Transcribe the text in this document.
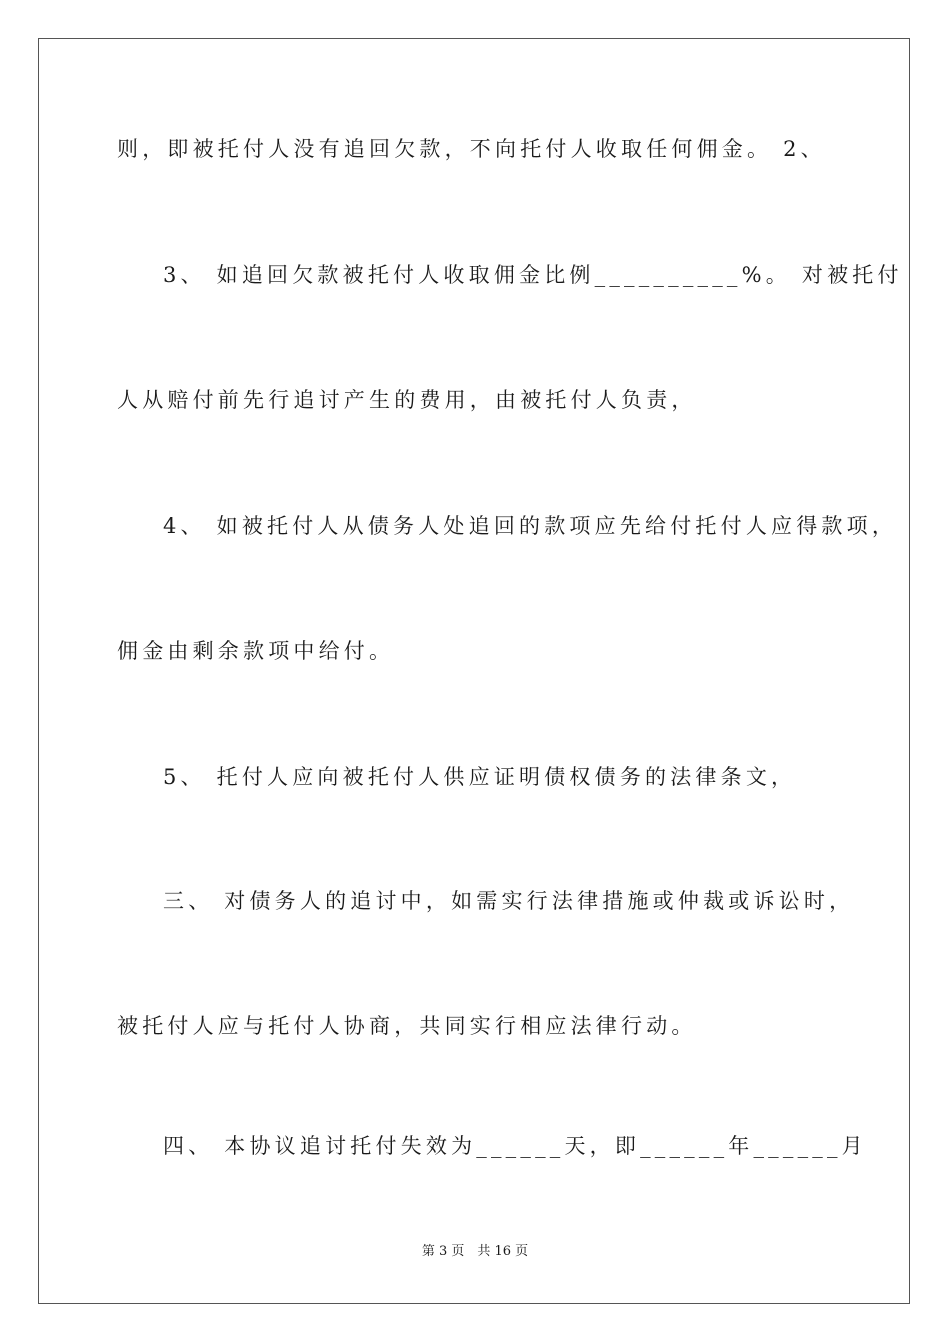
则，即被托付人没有追回欠款，不向托付人收取任何佣金。 2、
3、 如追回欠款被托付人收取佣金比例__________%。 对被托付
人从赔付前先行追讨产生的费用，由被托付人负责，
4、 如被托付人从债务人处追回的款项应先给付托付人应得款项，
佣金由剩余款项中给付。
5、 托付人应向被托付人供应证明债权债务的法律条文，
三、 对债务人的追讨中，如需实行法律措施或仲裁或诉讼时，
被托付人应与托付人协商，共同实行相应法律行动。
四、 本协议追讨托付失效为______天，即______年______月
第 3 页　共 16 页
